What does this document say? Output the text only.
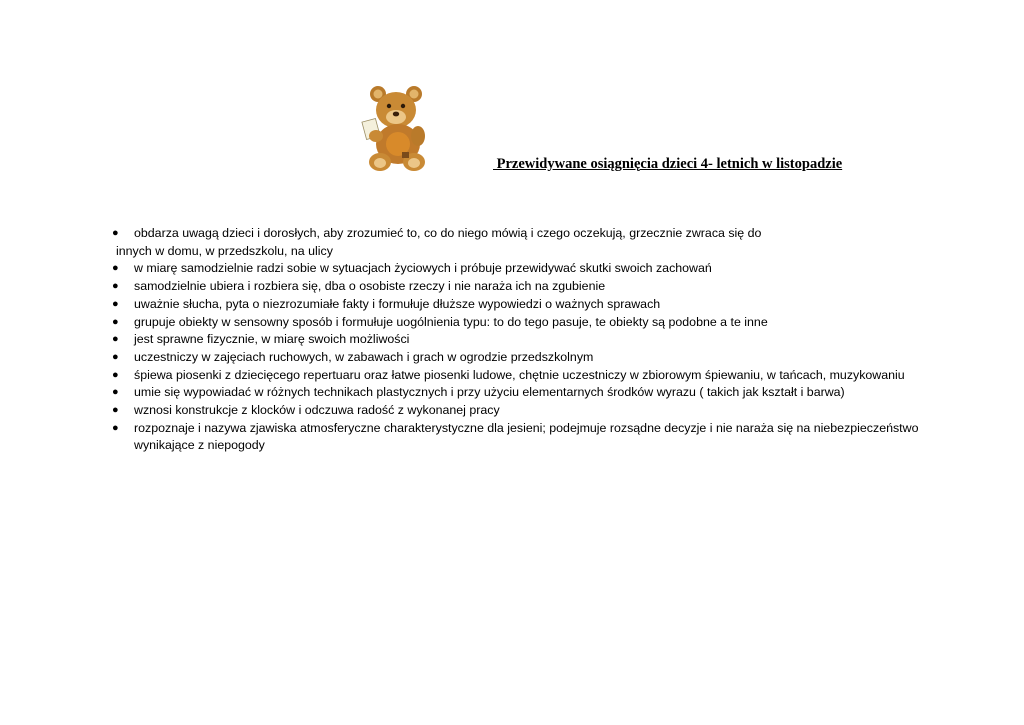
Przewidywane osiągnięcia dzieci 4- letnich w listopadzie
● obdarza uwagą dzieci i dorosłych, aby zrozumieć to, co do niego mówią i czego oczekują, grzecznie zwraca się do
innych w domu, w przedszkolu, na ulicy
● w miarę samodzielnie radzi sobie w sytuacjach życiowych i próbuje przewidywać skutki swoich zachowań
● samodzielnie ubiera i rozbiera się, dba o osobiste rzeczy i nie naraża ich na zgubienie
● uważnie słucha, pyta o niezrozumiałe fakty i formułuje dłuższe wypowiedzi o ważnych sprawach
● grupuje obiekty w sensowny sposób i formułuje uogólnienia typu: to do tego pasuje, te obiekty są podobne a te inne
● jest sprawne fizycznie, w miarę swoich możliwości
● uczestniczy w zajęciach ruchowych, w zabawach i grach w ogrodzie przedszkolnym
● śpiewa piosenki z dziecięcego repertuaru oraz łatwe piosenki ludowe, chętnie uczestniczy w zbiorowym śpiewaniu, w tańcach, muzykowaniu
● umie się wypowiadać w różnych technikach plastycznych i przy użyciu elementarnych środków wyrazu ( takich jak kształt i barwa)
● wznosi konstrukcje z klocków i odczuwa radość z wykonanej pracy
● rozpoznaje i nazywa zjawiska atmosferyczne charakterystyczne dla jesieni; podejmuje rozsądne decyzje i nie naraża się na niebezpieczeństwo wynikające z niepogody
